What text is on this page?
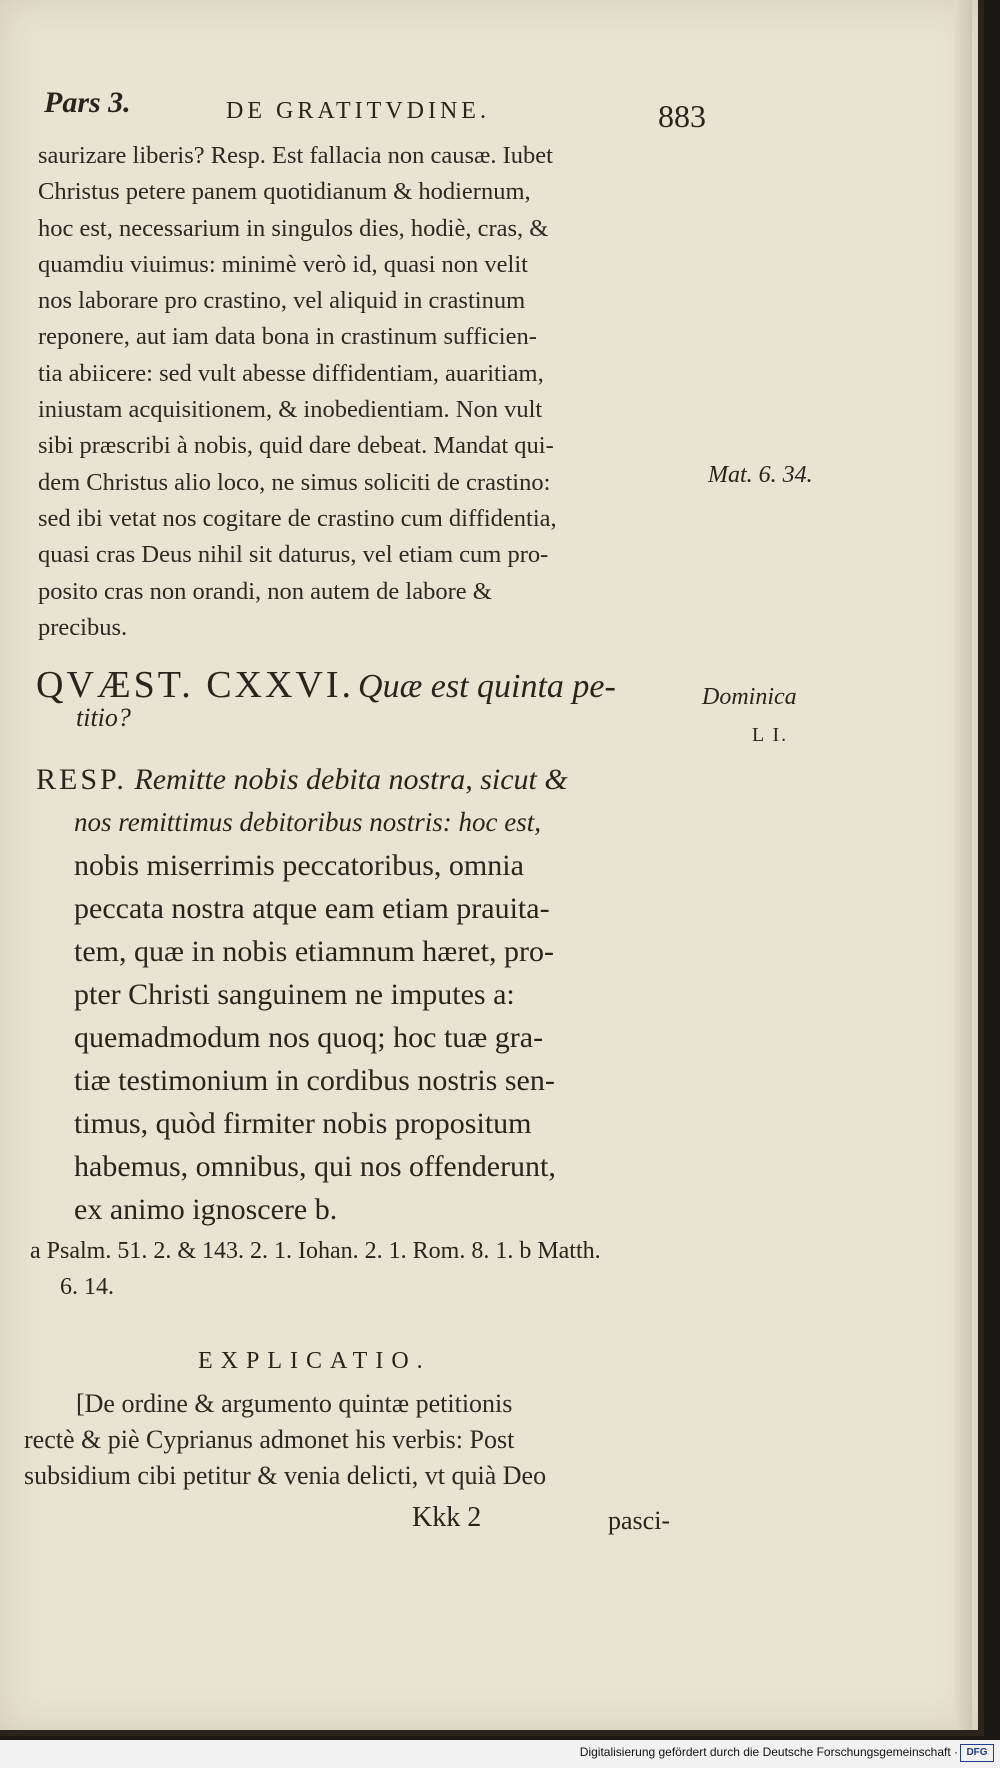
Pars 3.	DE GRATITVDINE.	883
saurizare liberis? Resp. Est fallacia non causæ. Iubet
Christus petere panem quotidianum & hodiernum,
hoc est, necessarium in singulos dies, hodiè, cras, &
quamdiu viuimus: minimè verò id, quasi non velit
nos laborare pro crastino, vel aliquid in crastinum
reponere, aut iam data bona in crastinum sufficien-
tia abiicere: sed vult abesse diffidentiam, auaritiam,
iniustam acquisitionem, & inobedientiam. Non vult
sibi præscribi à nobis, quid dare debeat. Mandat qui-
dem Christus alio loco, ne simus soliciti de crastino:
sed ibi vetat nos cogitare de crastino cum diffidentia,
quasi cras Deus nihil sit daturus, vel etiam cum pro-
posito cras non orandi, non autem de labore &
precibus.
Mat. 6. 34.
QVÆST. CXXVI. Quæ est quinta pe-
titio?
Dominica
L I.
RESP. Remitte nobis debita nostra, sicut &
nos remittimus debitoribus nostris: hoc est,
nobis miserrimis peccatoribus, omnia
peccata nostra atque eam etiam prauita-
tem, quæ in nobis etiamnum hæret, pro-
pter Christi sanguinem ne imputes a:
quemadmodum nos quoq; hoc tuæ gra-
tiæ testimonium in cordibus nostris sen-
timus, quòd firmiter nobis propositum
habemus, omnibus, qui nos offenderunt,
ex animo ignoscere b.
a Psalm. 51. 2. & 143. 2. 1. Iohan. 2. 1. Rom. 8. 1. b Matth.
6. 14.
EXPLICATIO.
[De ordine & argumento quintæ petitionis
rectè & piè Cyprianus admonet his verbis: Post
subsidium cibi petitur & venia delicti, vt quià Deo
Kkk 2	pasci-
Digitalisierung gefördert durch die Deutsche Forschungsgemeinschaft · DFG
